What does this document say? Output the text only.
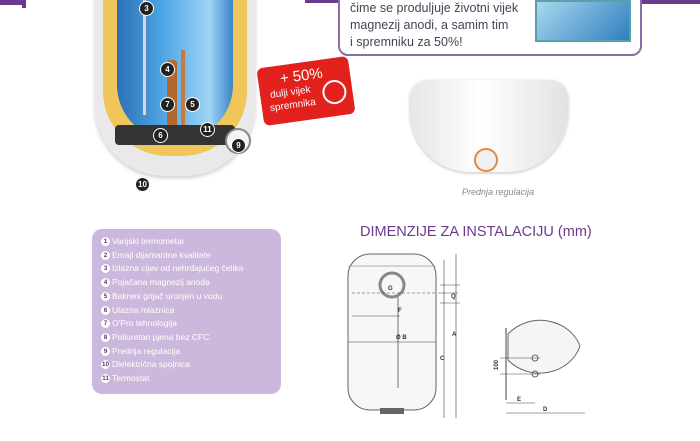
čime se produljuje životni vijek
magnezij anodi, a samim tim
i spremniku za 50%!
3
4
7	5
6
11
9
10
+ 50%
dulji vijek
spremnika
Prednja regulacija
1 Vanjski termometar
2 Emajl dijamantne kvalitete
3 Izlazna cijev od nehrđajućeg čelika
4 Pojačana magnezij anoda
5 Bakreni grijač uronjen u vodu
6 Ulazna mlaznica
7 O'Pro tehnologija
8 Poliuretan pjena bez CFC
9 Prednja regulacija
10 Dielektrična spojnica
11 Termostat
DIMENZIJE ZA INSTALACIJU (mm)
G
Q
F
Ø B
C
A
100
E
D
